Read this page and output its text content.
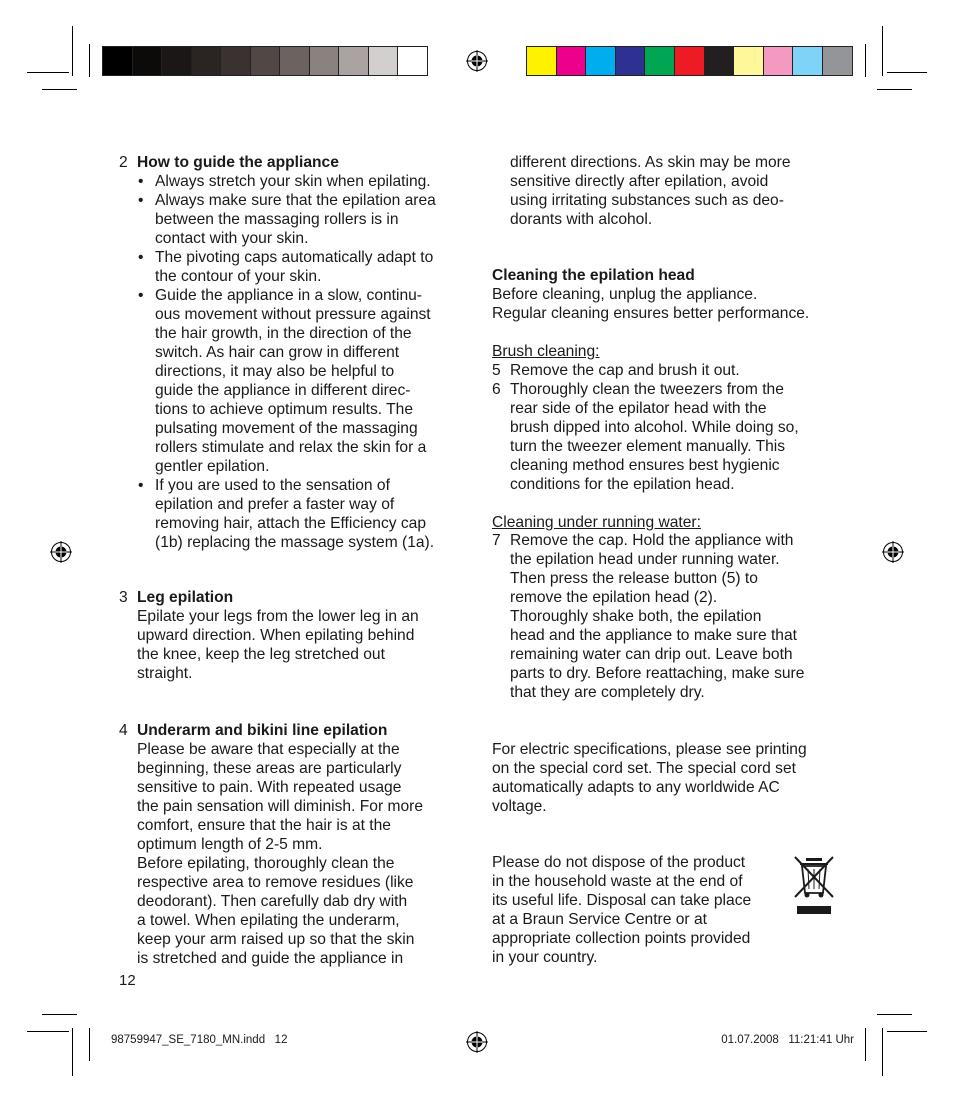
2 How to guide the appliance
• Always stretch your skin when epilating.
• Always make sure that the epilation area
between the massaging rollers is in
contact with your skin.
• The pivoting caps automatically adapt to
the contour of your skin.
• Guide the appliance in a slow, continu-
ous movement without pressure against
the hair growth, in the direction of the
switch. As hair can grow in different
directions, it may also be helpful to
guide the appliance in different direc-
tions to achieve optimum results. The
pulsating movement of the massaging
rollers stimulate and relax the skin for a
gentler epilation.
• If you are used to the sensation of
epilation and prefer a faster way of
removing hair, attach the Efficiency cap
(1b) replacing the massage system (1a).
3 Leg epilation
Epilate your legs from the lower leg in an
upward direction. When epilating behind
the knee, keep the leg stretched out
straight.
4 Underarm and bikini line epilation
Please be aware that especially at the
beginning, these areas are particularly
sensitive to pain. With repeated usage
the pain sensation will diminish. For more
comfort, ensure that the hair is at the
optimum length of 2-5 mm.
Before epilating, thoroughly clean the
respective area to remove residues (like
deodorant). Then carefully dab dry with
a towel. When epilating the underarm,
keep your arm raised up so that the skin
is stretched and guide the appliance in
different directions. As skin may be more
sensitive directly after epilation, avoid
using irritating substances such as deo-
dorants with alcohol.
Cleaning the epilation head
Before cleaning, unplug the appliance.
Regular cleaning ensures better performance.
Brush cleaning:
5 Remove the cap and brush it out.
6 Thoroughly clean the tweezers from the
rear side of the epilator head with the
brush dipped into alcohol. While doing so,
turn the tweezer element manually. This
cleaning method ensures best hygienic
conditions for the epilation head.
Cleaning under running water:
7 Remove the cap. Hold the appliance with
the epilation head under running water.
Then press the release button (5) to
remove the epilation head (2).
Thoroughly shake both, the epilation
head and the appliance to make sure that
remaining water can drip out. Leave both
parts to dry. Before reattaching, make sure
that they are completely dry.
For electric specifications, please see printing
on the special cord set. The special cord set
automatically adapts to any worldwide AC
voltage.
Please do not dispose of the product
in the household waste at the end of
its useful life. Disposal can take place
at a Braun Service Centre or at
appropriate collection points provided
in your country.
12
98759947_SE_7180_MN.indd   12	01.07.2008   11:21:41 Uhr
